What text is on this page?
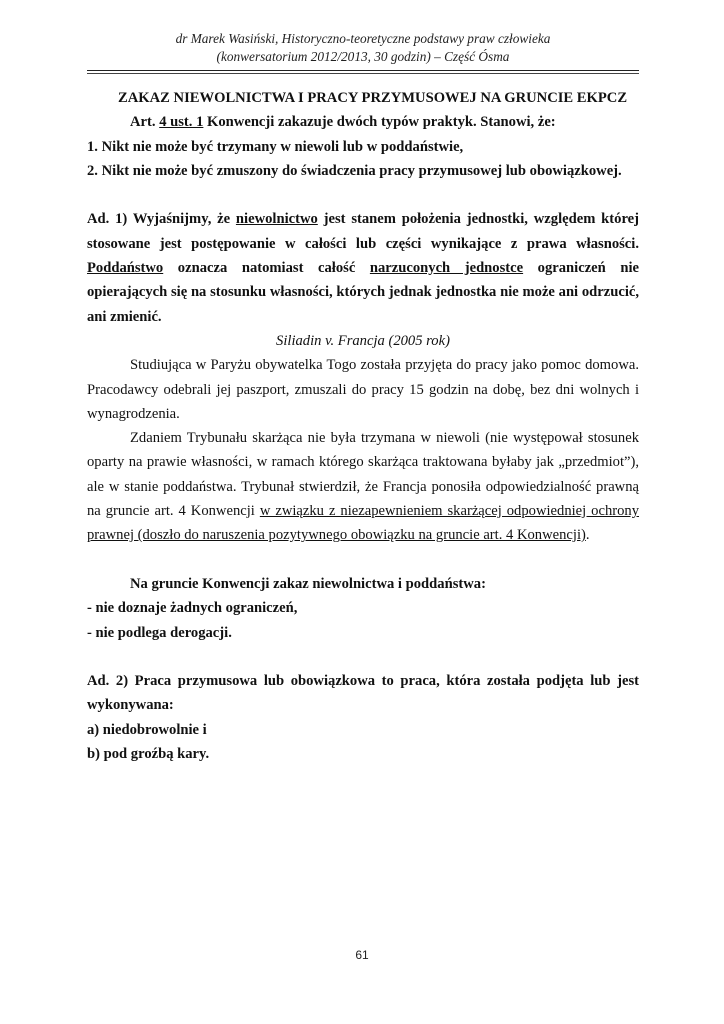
dr Marek Wasiński, Historyczno-teoretyczne podstawy praw człowieka
(konwersatorium 2012/2013, 30 godzin) – Część Ósma

ZAKAZ NIEWOLNICTWA I PRACY PRZYMUSOWEJ NA GRUNCIE EKPCZ

Art. 4 ust. 1 Konwencji zakazuje dwóch typów praktyk. Stanowi, że:

1. Nikt nie może być trzymany w niewoli lub w poddaństwie,

2. Nikt nie może być zmuszony do świadczenia pracy przymusowej lub obowiązkowej.

Ad. 1) Wyjaśnijmy, że niewolnictwo jest stanem położenia jednostki, względem której

stosowane jest postępowanie w całości lub części wynikające z prawa własności.

Poddaństwo oznacza natomiast całość narzuconych jednostce ograniczeń nie

opierających się na stosunku własności, których jednak jednostka nie może ani odrzucić,

ani zmienić.

Siliadin v. Francja (2005 rok)

Studiująca w Paryżu obywatelka Togo została przyjęta do pracy jako pomoc domowa.

Pracodawcy odebrali jej paszport, zmuszali do pracy 15 godzin na dobę, bez dni wolnych i

wynagrodzenia.

Zdaniem Trybunału skarżąca nie była trzymana w niewoli (nie występował stosunek

oparty na prawie własności, w ramach którego skarżąca traktowana byłaby jak „przedmiot”),

ale w stanie poddaństwa. Trybunał stwierdził, że Francja ponosiła odpowiedzialność prawną

na gruncie art. 4 Konwencji w związku z niezapewnieniem skarżącej odpowiedniej ochrony

prawnej (doszło do naruszenia pozytywnego obowiązku na gruncie art. 4 Konwencji).

Na gruncie Konwencji zakaz niewolnictwa i poddaństwa:

- nie doznaje żadnych ograniczeń,

- nie podlega derogacji.

Ad. 2) Praca przymusowa lub obowiązkowa to praca, która została podjęta lub jest

wykonywana:

a) niedobrowolnie i

b) pod groźbą kary.

61
